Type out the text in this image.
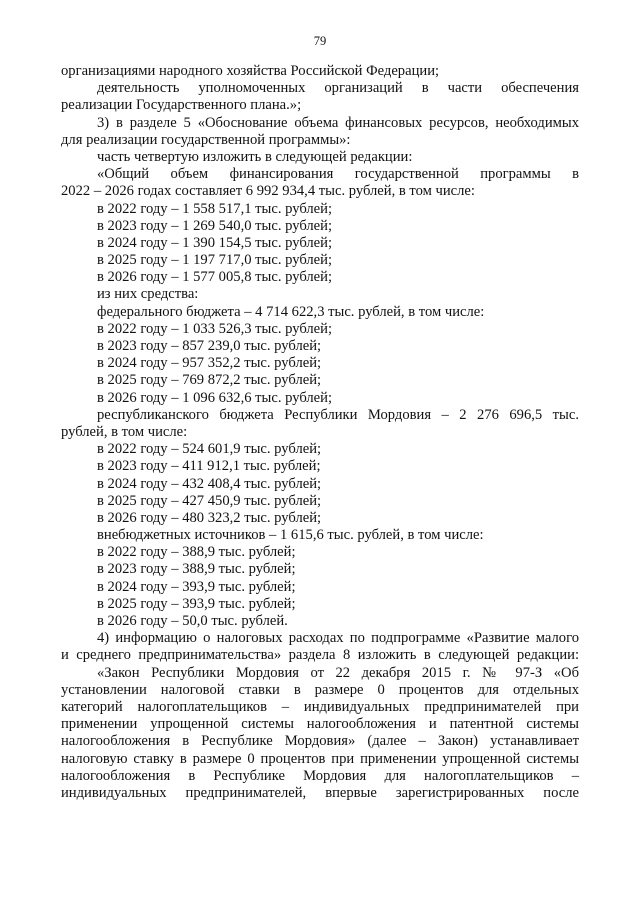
79
организациями народного хозяйства Российской Федерации;
деятельность уполномоченных организаций в части обеспечения
реализации Государственного плана.»;
3) в разделе 5 «Обоснование объема финансовых ресурсов, необходимых
для реализации государственной программы»:
часть четвертую изложить в следующей редакции:
«Общий объем финансирования государственной программы в
2022 – 2026 годах составляет 6 992 934,4 тыс. рублей, в том числе:
в 2022 году – 1 558 517,1 тыс. рублей;
в 2023 году – 1 269 540,0 тыс. рублей;
в 2024 году – 1 390 154,5 тыс. рублей;
в 2025 году – 1 197 717,0 тыс. рублей;
в 2026 году – 1 577 005,8 тыс. рублей;
из них средства:
федерального бюджета – 4 714 622,3 тыс. рублей, в том числе:
в 2022 году – 1 033 526,3 тыс. рублей;
в 2023 году – 857 239,0 тыс. рублей;
в 2024 году – 957 352,2 тыс. рублей;
в 2025 году – 769 872,2 тыс. рублей;
в 2026 году – 1 096 632,6 тыс. рублей;
республиканского бюджета Республики Мордовия – 2 276 696,5 тыс.
рублей, в том числе:
в 2022 году – 524 601,9 тыс. рублей;
в 2023 году – 411 912,1 тыс. рублей;
в 2024 году – 432 408,4 тыс. рублей;
в 2025 году – 427 450,9 тыс. рублей;
в 2026 году – 480 323,2 тыс. рублей;
внебюджетных источников – 1 615,6 тыс. рублей, в том числе:
в 2022 году – 388,9 тыс. рублей;
в 2023 году – 388,9 тыс. рублей;
в 2024 году – 393,9 тыс. рублей;
в 2025 году – 393,9 тыс. рублей;
в 2026 году – 50,0 тыс. рублей.
4) информацию о налоговых расходах по подпрограмме «Развитие малого
и среднего предпринимательства» раздела 8 изложить в следующей редакции:
«Закон Республики Мордовия от 22 декабря 2015 г. № 97-З «Об
установлении налоговой ставки в размере 0 процентов для отдельных
категорий налогоплательщиков – индивидуальных предпринимателей при
применении упрощенной системы налогообложения и патентной системы
налогообложения в Республике Мордовия» (далее – Закон) устанавливает
налоговую ставку в размере 0 процентов при применении упрощенной системы
налогообложения в Республике Мордовия для налогоплательщиков –
индивидуальных предпринимателей, впервые зарегистрированных после
